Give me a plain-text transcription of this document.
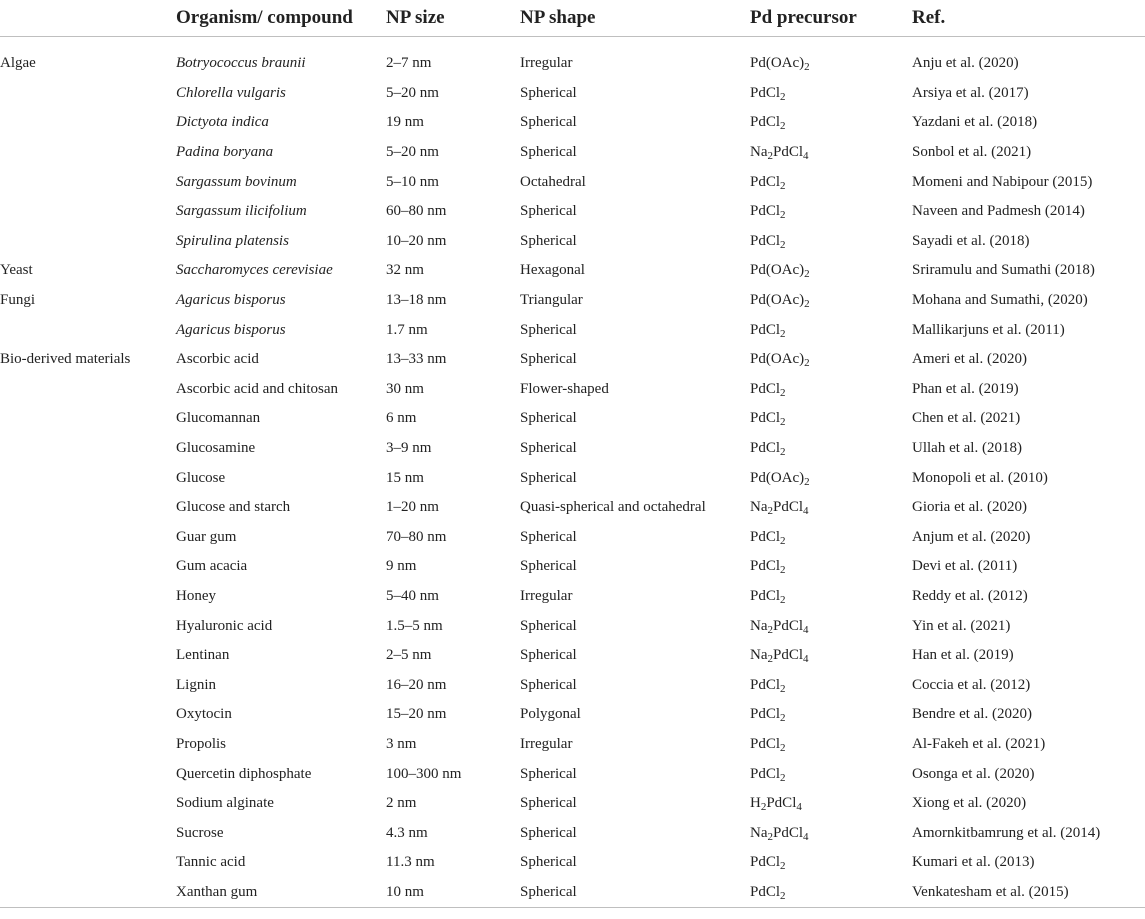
	Organism/ compound	NP size	NP shape	Pd precursor	Ref.

Algae	Botryococcus braunii	2–7 nm	Irregular	$Pd(OAc)_2$	Anju et al. (2020)
	Chlorella vulgaris	5–20 nm	Spherical	PdCl$_2$	Arsiya et al. (2017)
	Dictyota indica	19 nm	Spherical	PdCl$_2$	Yazdani et al. (2018)
	Padina boryana	5–20 nm	Spherical	$Na_2PdCl_4$	Sonbol et al. (2021)
	Sargassum bovinum	5–10 nm	Octahedral	PdCl$_2$	Momeni and Nabipour (2015)
	Sargassum ilicifolium	60–80 nm	Spherical	PdCl$_2$	Naveen and Padmesh (2014)
	Spirulina platensis	10–20 nm	Spherical	PdCl$_2$	Sayadi et al. (2018)
Yeast	Saccharomyces cerevisiae	32 nm	Hexagonal	$Pd(OAc)_2$	Sriramulu and Sumathi (2018)
Fungi	Agaricus bisporus	13–18 nm	Triangular	$Pd(OAc)_2$	Mohana and Sumathi, (2020)
	Agaricus bisporus	1.7 nm	Spherical	PdCl$_2$	Mallikarjuns et al. (2011)
Bio-derived materials	Ascorbic acid	13–33 nm	Spherical	$Pd(OAc)_2$	Ameri et al. (2020)
	Ascorbic acid and chitosan	30 nm	Flower-shaped	PdCl$_2$	Phan et al. (2019)
	Glucomannan	6 nm	Spherical	PdCl$_2$	Chen et al. (2021)
	Glucosamine	3–9 nm	Spherical	PdCl$_2$	Ullah et al. (2018)
	Glucose	15 nm	Spherical	$Pd(OAc)_2$	Monopoli et al. (2010)
	Glucose and starch	1–20 nm	Quasi-spherical and octahedral	$Na_2PdCl_4$	Gioria et al. (2020)
	Guar gum	70–80 nm	Spherical	PdCl$_2$	Anjum et al. (2020)
	Gum acacia	9 nm	Spherical	PdCl$_2$	Devi et al. (2011)
	Honey	5–40 nm	Irregular	PdCl$_2$	Reddy et al. (2012)
	Hyaluronic acid	1.5–5 nm	Spherical	$Na_2PdCl_4$	Yin et al. (2021)
	Lentinan	2–5 nm	Spherical	$Na_2PdCl_4$	Han et al. (2019)
	Lignin	16–20 nm	Spherical	PdCl$_2$	Coccia et al. (2012)
	Oxytocin	15–20 nm	Polygonal	PdCl$_2$	Bendre et al. (2020)
	Propolis	3 nm	Irregular	PdCl$_2$	Al-Fakeh et al. (2021)
	Quercetin diphosphate	100–300 nm	Spherical	PdCl$_2$	Osonga et al. (2020)
	Sodium alginate	2 nm	Spherical	$H_2PdCl_4$	Xiong et al. (2020)
	Sucrose	4.3 nm	Spherical	$Na_2PdCl_4$	Amornkitbamrung et al. (2014)
	Tannic acid	11.3 nm	Spherical	PdCl$_2$	Kumari et al. (2013)
	Xanthan gum	10 nm	Spherical	PdCl$_2$	Venkatesham et al. (2015)
